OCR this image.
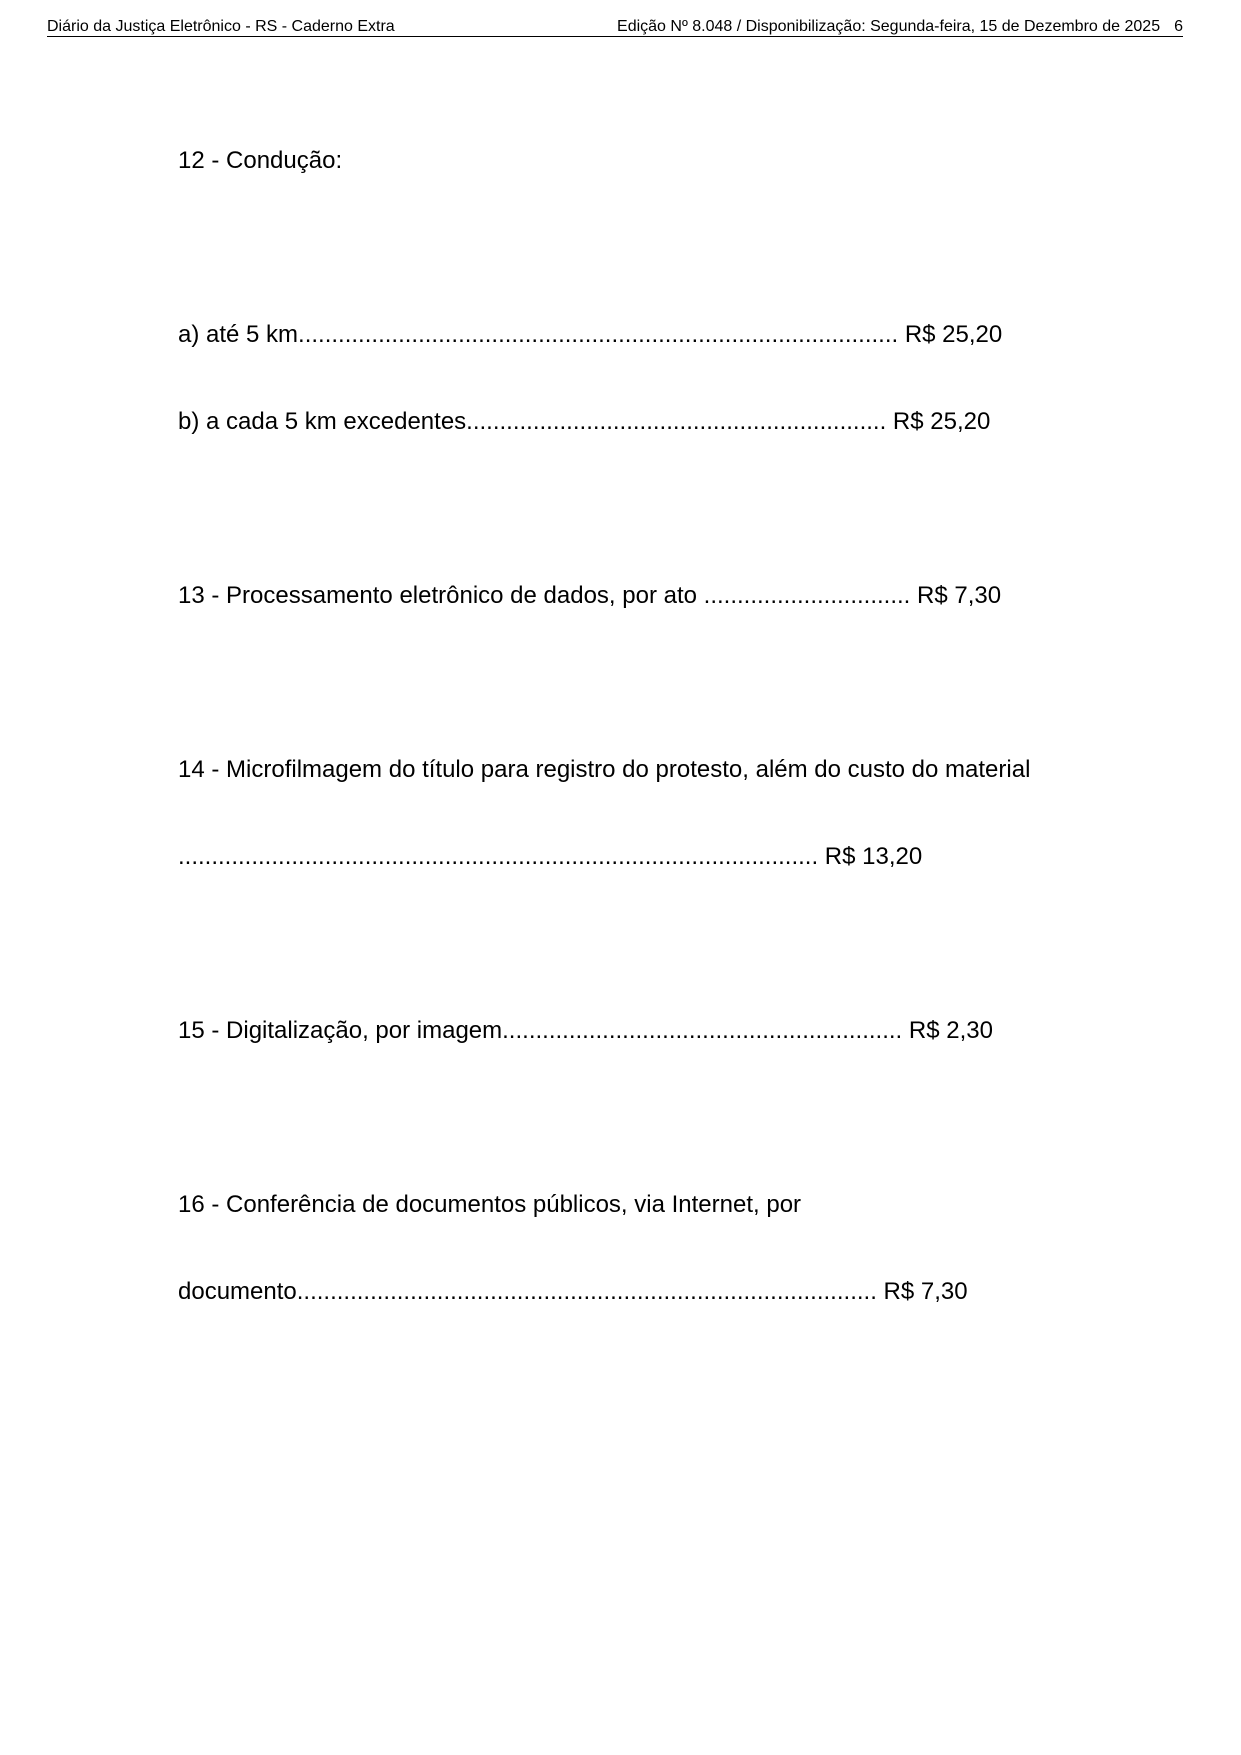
Diário da Justiça Eletrônico - RS - Caderno Extra	Edição Nº 8.048 / Disponibilização: Segunda-feira, 15 de Dezembro de 2025 6

12 - Condução:

a) até 5 km.......................................................................................... R$ 25,20

b) a cada 5 km excedentes............................................................... R$ 25,20

13 - Processamento eletrônico de dados, por ato ............................... R$ 7,30

14 - Microfilmagem do título para registro do protesto, além do custo do material

................................................................................................ R$ 13,20

15 - Digitalização, por imagem............................................................ R$ 2,30

16 - Conferência de documentos públicos, via Internet, por

documento....................................................................................... R$ 7,30
